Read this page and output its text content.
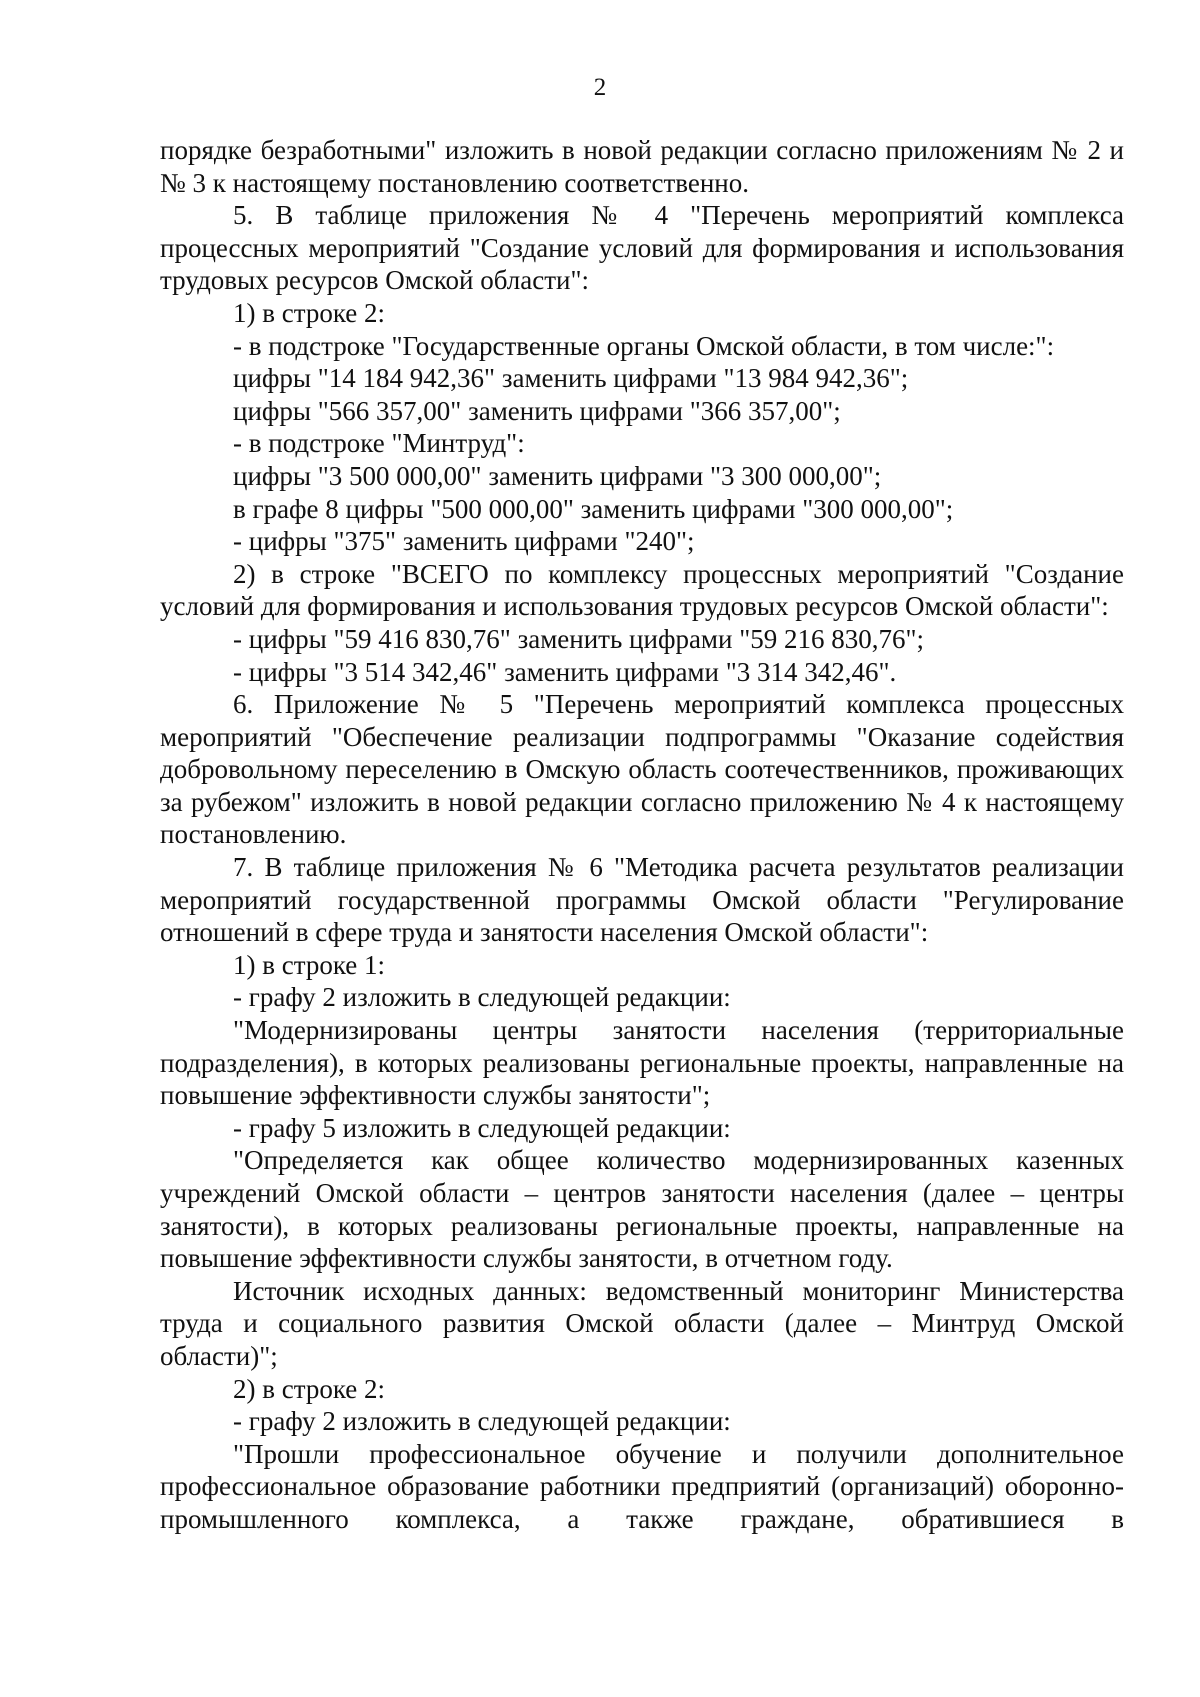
2

порядке безработными" изложить в новой редакции согласно приложениям № 2 и № 3 к настоящему постановлению соответственно.

5. В таблице приложения № 4 "Перечень мероприятий комплекса процессных мероприятий "Создание условий для формирования и использования трудовых ресурсов Омской области":

1) в строке 2:

- в подстроке "Государственные органы Омской области, в том числе:":

цифры "14 184 942,36" заменить цифрами "13 984 942,36";

цифры "566 357,00" заменить цифрами "366 357,00";

- в подстроке "Минтруд":

цифры "3 500 000,00" заменить цифрами "3 300 000,00";

в графе 8 цифры "500 000,00" заменить цифрами "300 000,00";

- цифры "375" заменить цифрами "240";

2) в строке "ВСЕГО по комплексу процессных мероприятий "Создание условий для формирования и использования трудовых ресурсов Омской области":

- цифры "59 416 830,76" заменить цифрами "59 216 830,76";

- цифры "3 514 342,46" заменить цифрами "3 314 342,46".

6. Приложение № 5 "Перечень мероприятий комплекса процессных мероприятий "Обеспечение реализации подпрограммы "Оказание содействия добровольному переселению в Омскую область соотечественников, проживающих за рубежом" изложить в новой редакции согласно приложению № 4 к настоящему постановлению.

7. В таблице приложения № 6 "Методика расчета результатов реализации мероприятий государственной программы Омской области "Регулирование отношений в сфере труда и занятости населения Омской области":

1) в строке 1:

- графу 2 изложить в следующей редакции:

"Модернизированы центры занятости населения (территориальные подразделения), в которых реализованы региональные проекты, направленные на повышение эффективности службы занятости";

- графу 5 изложить в следующей редакции:

"Определяется как общее количество модернизированных казенных учреждений Омской области – центров занятости населения (далее – центры занятости), в которых реализованы региональные проекты, направленные на повышение эффективности службы занятости, в отчетном году.

Источник исходных данных: ведомственный мониторинг Министерства труда и социального развития Омской области (далее – Минтруд Омской области)";

2) в строке 2:

- графу 2 изложить в следующей редакции:

"Прошли профессиональное обучение и получили дополнительное профессиональное образование работники предприятий (организаций) оборонно-промышленного комплекса, а также граждане, обратившиеся в
